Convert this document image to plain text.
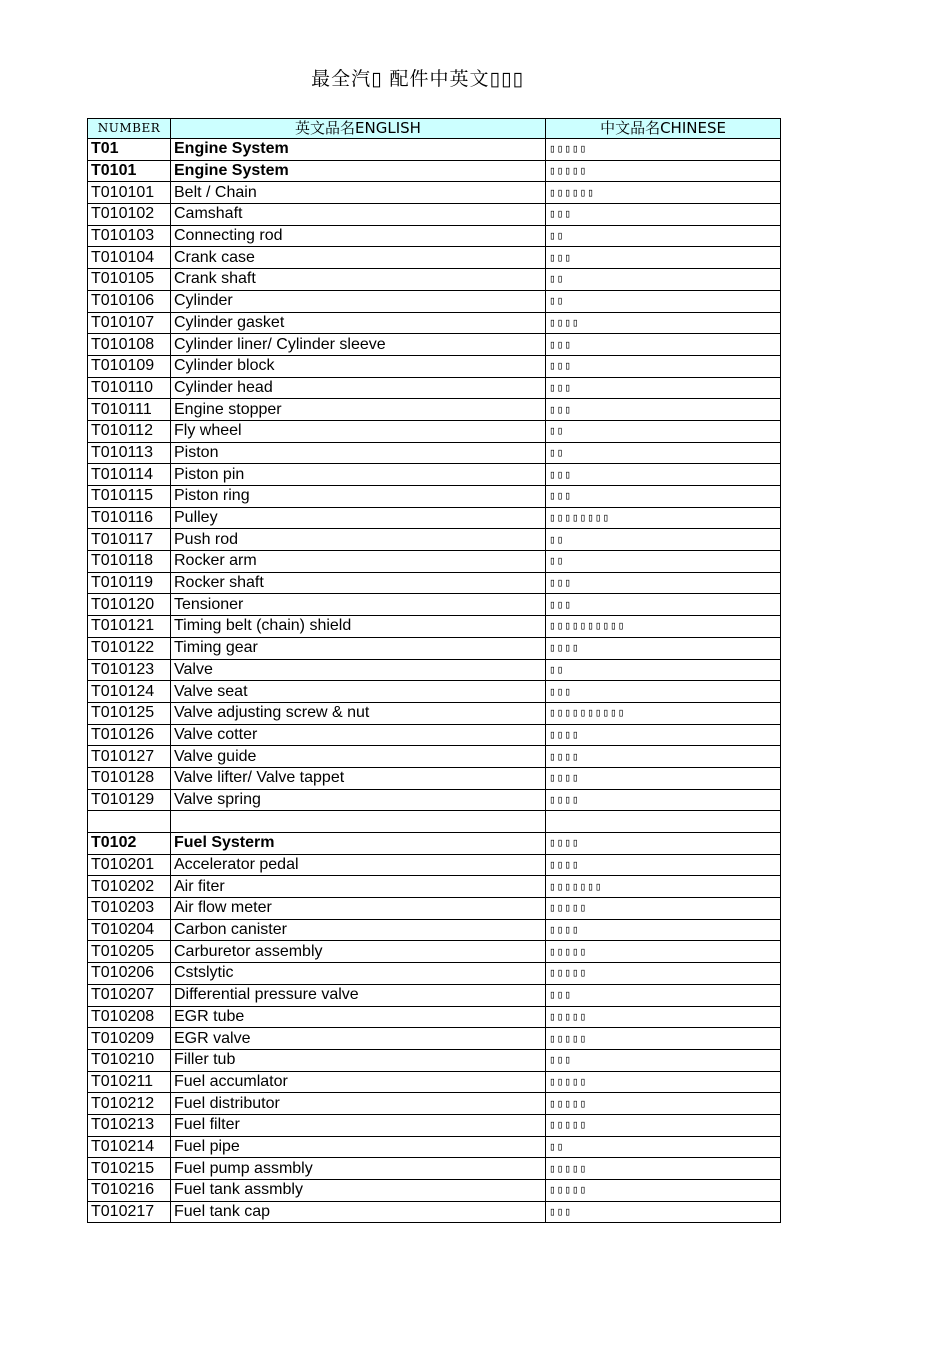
最全汽▯ 配件中英文▯▯▯
NUMBER	英文品名ENGLISH	中文品名CHINESE
T01	Engine System	▯▯▯▯▯
T0101	Engine System	▯▯▯▯▯
T010101	Belt / Chain	▯▯▯▯▯▯
T010102	Camshaft	▯▯▯
T010103	Connecting rod	▯▯
T010104	Crank case	▯▯▯
T010105	Crank shaft	▯▯
T010106	Cylinder	▯▯
T010107	Cylinder gasket	▯▯▯▯
T010108	Cylinder liner/ Cylinder sleeve	▯▯▯
T010109	Cylinder block	▯▯▯
T010110	Cylinder head	▯▯▯
T010111	Engine stopper	▯▯▯
T010112	Fly wheel	▯▯
T010113	Piston	▯▯
T010114	Piston pin	▯▯▯
T010115	Piston ring	▯▯▯
T010116	Pulley	▯▯▯▯▯▯▯▯
T010117	Push rod	▯▯
T010118	Rocker arm	▯▯
T010119	Rocker shaft	▯▯▯
T010120	Tensioner	▯▯▯
T010121	Timing belt (chain) shield	▯▯▯▯▯▯▯▯▯▯
T010122	Timing gear	▯▯▯▯
T010123	Valve	▯▯
T010124	Valve seat	▯▯▯
T010125	Valve adjusting screw & nut	▯▯▯▯▯▯▯▯▯▯
T010126	Valve cotter	▯▯▯▯
T010127	Valve guide	▯▯▯▯
T010128	Valve lifter/ Valve tappet	▯▯▯▯
T010129	Valve spring	▯▯▯▯

T0102	Fuel Systerm	▯▯▯▯
T010201	Accelerator pedal	▯▯▯▯
T010202	Air fiter	▯▯▯▯▯▯▯
T010203	Air flow meter	▯▯▯▯▯
T010204	Carbon canister	▯▯▯▯
T010205	Carburetor assembly	▯▯▯▯▯
T010206	Cstslytic	▯▯▯▯▯
T010207	Differential pressure valve	▯▯▯
T010208	EGR tube	▯▯▯▯▯
T010209	EGR valve	▯▯▯▯▯
T010210	Filler tub	▯▯▯
T010211	Fuel accumlator	▯▯▯▯▯
T010212	Fuel distributor	▯▯▯▯▯
T010213	Fuel filter	▯▯▯▯▯
T010214	Fuel pipe	▯▯
T010215	Fuel pump assmbly	▯▯▯▯▯
T010216	Fuel tank assmbly	▯▯▯▯▯
T010217	Fuel tank cap	▯▯▯
